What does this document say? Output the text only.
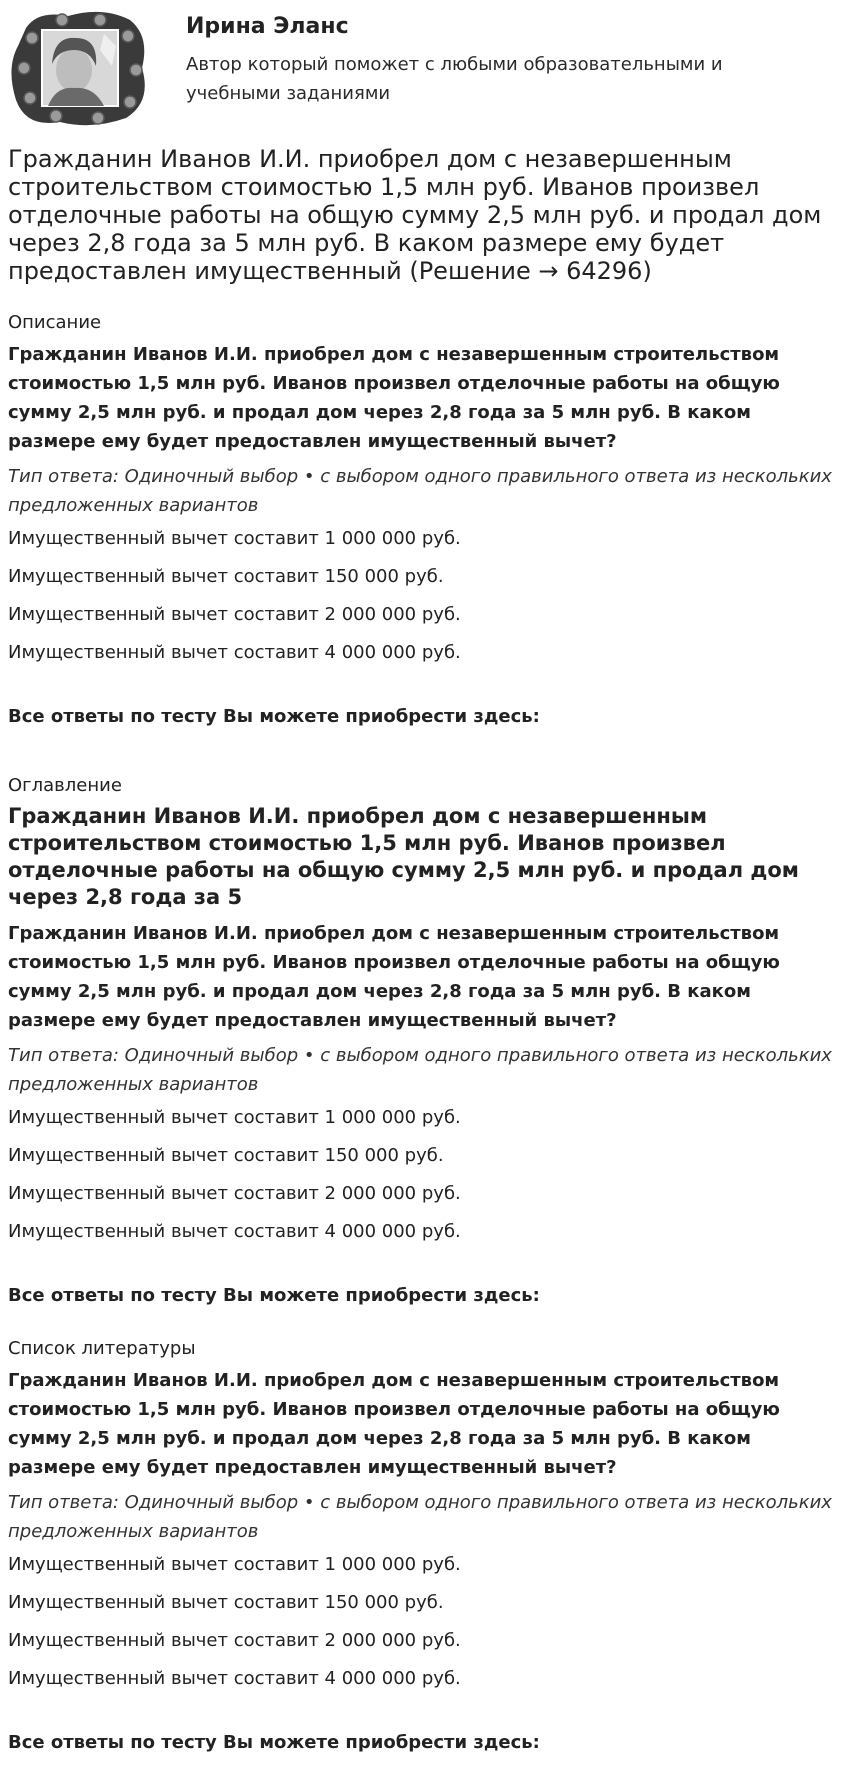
Ирина Эланс
Автор который поможет с любыми образовательными и учебными заданиями
Гражданин Иванов И.И. приобрел дом с незавершенным строительством стоимостью 1,5 млн руб. Иванов произвел отделочные работы на общую сумму 2,5 млн руб. и продал дом через 2,8 года за 5 млн руб. В каком размере ему будет предоставлен имущественный (Решение → 64296)
Описание
Гражданин Иванов И.И. приобрел дом с незавершенным строительством стоимостью 1,5 млн руб. Иванов произвел отделочные работы на общую сумму 2,5 млн руб. и продал дом через 2,8 года за 5 млн руб. В каком размере ему будет предоставлен имущественный вычет?
Тип ответа: Одиночный выбор • с выбором одного правильного ответа из нескольких предложенных вариантов
Имущественный вычет составит 1 000 000 руб.
Имущественный вычет составит 150 000 руб.
Имущественный вычет составит 2 000 000 руб.
Имущественный вычет составит 4 000 000 руб.
Все ответы по тесту Вы можете приобрести здесь:
Оглавление
Гражданин Иванов И.И. приобрел дом с незавершенным строительством стоимостью 1,5 млн руб. Иванов произвел отделочные работы на общую сумму 2,5 млн руб. и продал дом через 2,8 года за 5
Гражданин Иванов И.И. приобрел дом с незавершенным строительством стоимостью 1,5 млн руб. Иванов произвел отделочные работы на общую сумму 2,5 млн руб. и продал дом через 2,8 года за 5 млн руб. В каком размере ему будет предоставлен имущественный вычет?
Тип ответа: Одиночный выбор • с выбором одного правильного ответа из нескольких предложенных вариантов
Имущественный вычет составит 1 000 000 руб.
Имущественный вычет составит 150 000 руб.
Имущественный вычет составит 2 000 000 руб.
Имущественный вычет составит 4 000 000 руб.
Все ответы по тесту Вы можете приобрести здесь:
Список литературы
Гражданин Иванов И.И. приобрел дом с незавершенным строительством стоимостью 1,5 млн руб. Иванов произвел отделочные работы на общую сумму 2,5 млн руб. и продал дом через 2,8 года за 5 млн руб. В каком размере ему будет предоставлен имущественный вычет?
Тип ответа: Одиночный выбор • с выбором одного правильного ответа из нескольких предложенных вариантов
Имущественный вычет составит 1 000 000 руб.
Имущественный вычет составит 150 000 руб.
Имущественный вычет составит 2 000 000 руб.
Имущественный вычет составит 4 000 000 руб.
Все ответы по тесту Вы можете приобрести здесь:
